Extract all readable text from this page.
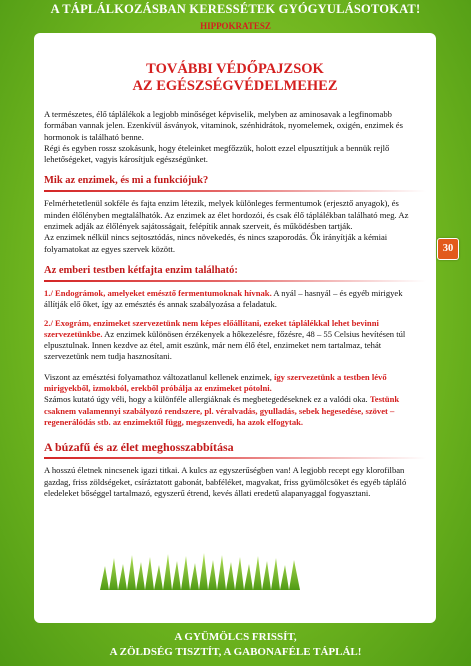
A TÁPLÁLKOZÁSBAN KERESSÉTEK GYÓGYULÁSOTOKAT!
HIPPOKRATESZ
TOVÁBBI VÉDŐPAJZSOK
AZ EGÉSZSÉGVÉDELMEHEZ

A természetes, élő táplálékok a legjobb minőséget képviselik, melyben az aminosavak a legfinomabb formában vannak jelen. Ezenkívül ásványok, vitaminok, szénhidrátok, nyomelemek, oxigén, enzimek és hormonok is található benne.

Régi és egyben rossz szokásunk, hogy ételeinket megfőzzük, holott ezzel elpusztítjuk a bennük rejlő lehetőségeket, vagyis károsítjuk egészségünket.

Mik az enzimek, és mi a funkciójuk?

Felmérhetetlenül sokféle és fajta enzim létezik, melyek különleges fermentumok (erjesztő anyagok), és minden élőlényben megtalálhatók. Az enzimek az élet hordozói, és csak élő táplálékban található meg. Az enzimek adják az élőlények sajátosságait, felépítik annak szerveit, és működésben tartják.

Az enzimek nélkül nincs sejtosztódás, nincs növekedés, és nincs szaporodás. Ők irányítják a kémiai folyamatokat az egyes szervek között.

Az emberi testben kétfajta enzim található:

1./ Endográmok, amelyeket emésztő fermentumoknak hívnak. A nyál – hasnyál – és egyéb mirigyek állítják elő őket, így az emésztés és annak szabályozása a feladatuk.

2./ Exográm, enzimeket szervezetünk nem képes előállítani, ezeket táplálékkal lehet bevinni szervezetünkbe. Az enzimek különösen érzékenyek a hőkezelésre, főzésre, 48 – 55 Celsius hevítésen túl elpusztulnak. Innen kezdve az étel, amit eszünk, már nem élő étel, enzimeket nem tartalmaz, tehát szervezetünk nem tudja hasznosítani.

Viszont az emésztési folyamathoz változatlanul kellenek enzimek, így szervezetünk a testben lévő mirigyekből, izmokból, erekből próbálja az enzimeket pótolni.

Számos kutató úgy véli, hogy a különféle allergiáknak és megbetegedéseknek ez a valódi oka. Testünk csaknem valamennyi szabályozó rendszere, pl. véralvadás, gyulladás, sebek hegesedése, szövet – regenerálódás stb. az enzimektől függ, megszenvedi, ha azok elfogytak.

A búzafű és az élet meghosszabbítása

A hosszú életnek nincsenek igazi titkai. A kulcs az egyszerűségben van! A legjobb recept egy klorofilban gazdag, friss zöldségeket, csíráztatott gabonát, babféléket, magvakat, friss gyümölcsöket és egyéb tápláló eledeleket bőséggel tartalmazó, egyszerű étrend, kevés állati eredetű alapanyaggal fogyasztani.

30
A GYÜMÖLCS FRISSÍT,
A ZÖLDSÉG TISZTÍT, A GABONAFÉLE TÁPLÁL!
